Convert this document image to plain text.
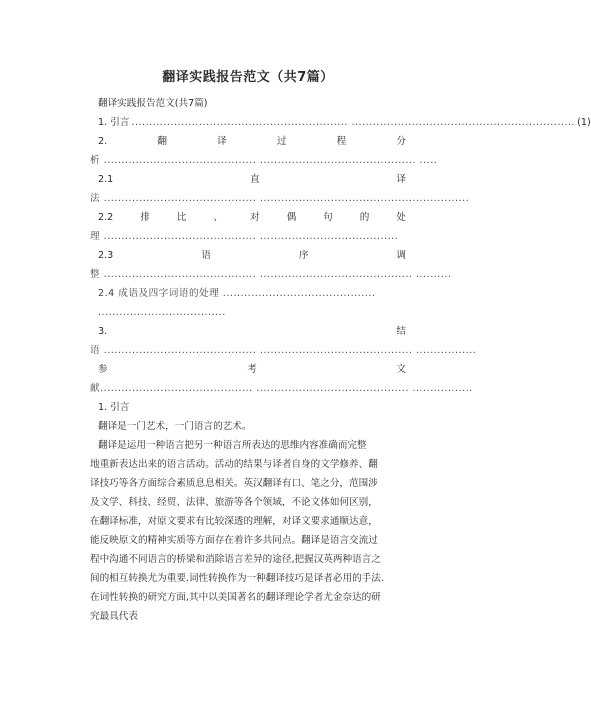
翻译实践报告范文（共7篇）
翻译实践报告范文(共7篇)
1. 引言 ............................................................. ............................................................... (1)
2.	翻	译	过	程	分
析 ........................................... ............................................ .....
2.1	直	译
法 ........................................... ...........................................................
2.2	排	比	、	对	偶	句	的	处
理 ........................................... .......................................
2.3	语	序	调
整 ........................................... ........................................... ..........
2.4 成语及四字词语的处理 ...........................................
....................................
3.	结
语 ........................................... ........................................... .................
参	考	文
献........................................... ........................................... .................
1. 引言
翻译是一门艺术，一门语言的艺术。
翻译是运用一种语言把另一种语言所表达的思维内容准确而完整
地重新表达出来的语言活动。活动的结果与译者自身的文学修养、翻
译技巧等各方面综合素质息息相关。英汉翻译有口、笔之分，范围涉
及文学、科技、经贸、法律、旅游等各个领域，不论文体如何区别，
在翻译标准，对原文要求有比较深透的理解，对译文要求通顺达意，
能反映原文的精神实质等方面存在着许多共同点。翻译是语言交流过
程中沟通不同语言的桥梁和消除语言差异的途径,把握汉英两种语言之
间的相互转换尤为重要.词性转换作为一种翻译技巧是译者必用的手法.
在词性转换的研究方面,其中以美国著名的翻译理论学者尤金奈达的研
究最具代表
